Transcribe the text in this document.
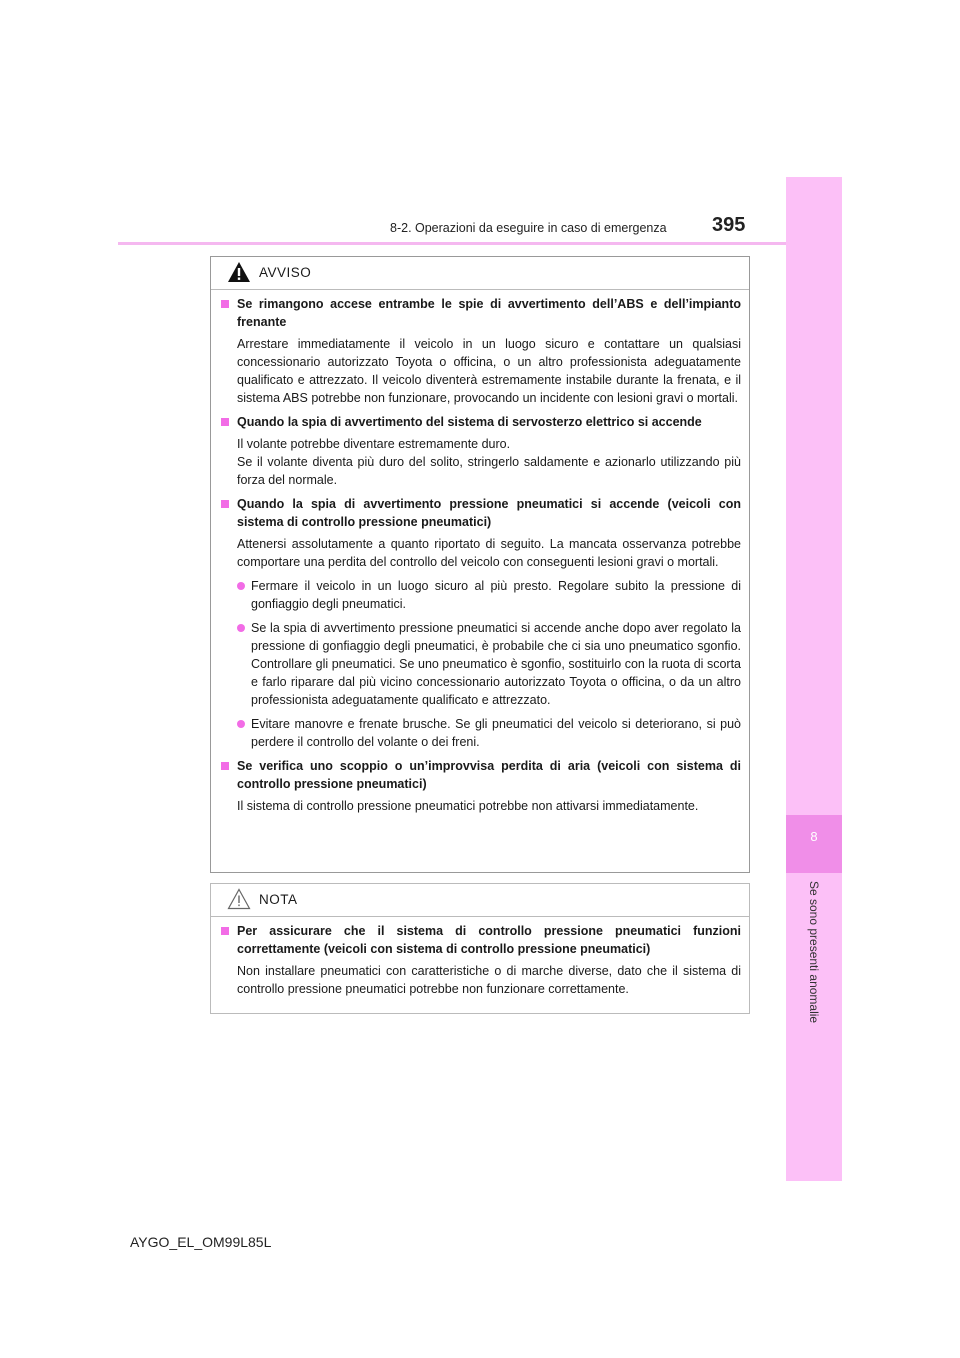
8-2. Operazioni da eseguire in caso di emergenza 395
8
Se sono presenti anomalie
AVVISO
Se rimangono accese entrambe le spie di avvertimento dell’ABS e dell’impianto frenante
Arrestare immediatamente il veicolo in un luogo sicuro e contattare un qualsiasi concessionario autorizzato Toyota o officina, o un altro professionista adeguatamente qualificato e attrezzato. Il veicolo diventerà estremamente instabile durante la frenata, e il sistema ABS potrebbe non funzionare, provocando un incidente con lesioni gravi o mortali.
Quando la spia di avvertimento del sistema di servosterzo elettrico si accende
Il volante potrebbe diventare estremamente duro.
Se il volante diventa più duro del solito, stringerlo saldamente e azionarlo utilizzando più forza del normale.
Quando la spia di avvertimento pressione pneumatici si accende (veicoli con sistema di controllo pressione pneumatici)
Attenersi assolutamente a quanto riportato di seguito. La mancata osservanza potrebbe comportare una perdita del controllo del veicolo con conseguenti lesioni gravi o mortali.
Fermare il veicolo in un luogo sicuro al più presto. Regolare subito la pressione di gonfiaggio degli pneumatici.
Se la spia di avvertimento pressione pneumatici si accende anche dopo aver regolato la pressione di gonfiaggio degli pneumatici, è probabile che ci sia uno pneumatico sgonfio. Controllare gli pneumatici. Se uno pneumatico è sgonfio, sostituirlo con la ruota di scorta e farlo riparare dal più vicino concessionario autorizzato Toyota o officina, o da un altro professionista adeguatamente qualificato e attrezzato.
Evitare manovre e frenate brusche. Se gli pneumatici del veicolo si deteriorano, si può perdere il controllo del volante o dei freni.
Se verifica uno scoppio o un’improvvisa perdita di aria (veicoli con sistema di controllo pressione pneumatici)
Il sistema di controllo pressione pneumatici potrebbe non attivarsi immediatamente.
NOTA
Per assicurare che il sistema di controllo pressione pneumatici funzioni correttamente (veicoli con sistema di controllo pressione pneumatici)
Non installare pneumatici con caratteristiche o di marche diverse, dato che il sistema di controllo pressione pneumatici potrebbe non funzionare correttamente.
AYGO_EL_OM99L85L
